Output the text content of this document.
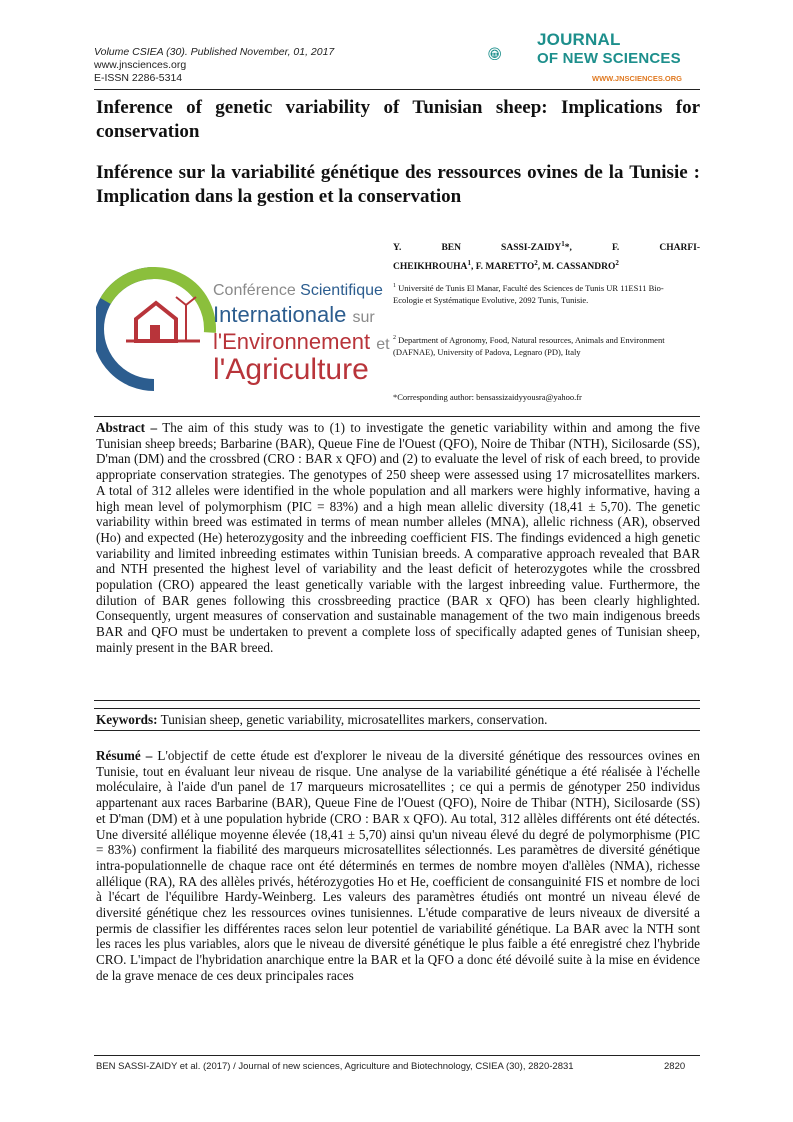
Volume CSIEA (30). Published November, 01, 2017
www.jnsciences.org
E-ISSN 2286-5314
JOURNAL
OF NEW SCIENCES
WWW.JNSCIENCES.ORG
Inference of genetic variability of Tunisian sheep: Implications for conservation
Inférence sur la variabilité génétique des ressources ovines de la Tunisie : Implication dans la gestion et la conservation
Conférence Scientifique
Internationale sur
l'Environnement et
l'Agriculture
Y. BEN SASSI-ZAIDY$^1$*, F. CHARFI-
CHEIKHROUHA$^1$, F. MARETTO$^2$, M. CASSANDRO$^2$
$^1$ Université de Tunis El Manar, Faculté des Sciences de Tunis UR 11ES11 Bio-Ecologie et Systématique Evolutive, 2092 Tunis, Tunisie.
$^2$ Department of Agronomy, Food, Natural resources, Animals and Environment (DAFNAE), University of Padova, Legnaro (PD), Italy
*Corresponding author: bensassizaidyyousra@yahoo.fr
Abstract – The aim of this study was to (1) to investigate the genetic variability within and among the five Tunisian sheep breeds; Barbarine (BAR), Queue Fine de l'Ouest (QFO), Noire de Thibar (NTH), Sicilosarde (SS), D'man (DM) and the crossbred (CRO : BAR x QFO) and (2) to evaluate the level of risk of each breed, to provide appropriate conservation strategies. The genotypes of 250 sheep were assessed using 17 microsatellites markers. A total of 312 alleles were identified in the whole population and all markers were highly informative, having a high mean level of polymorphism (PIC = 83%) and a high mean allelic diversity (18,41 ± 5,70). The genetic variability within breed was estimated in terms of mean number alleles (MNA), allelic richness (AR), observed (Ho) and expected (He) heterozygosity and the inbreeding coefficient FIS. The findings evidenced a high genetic variability and limited inbreeding estimates within Tunisian breeds. A comparative approach revealed that BAR and NTH presented the highest level of variability and the least deficit of heterozygotes while the crossbred population (CRO) appeared the least genetically variable with the largest inbreeding value. Furthermore, the dilution of BAR genes following this crossbreeding practice (BAR x QFO) has been clearly highlighted. Consequently, urgent measures of conservation and sustainable management of the two main indigenous breeds BAR and QFO must be undertaken to prevent a complete loss of specifically adapted genes of Tunisian sheep, mainly present in the BAR breed.
Keywords: Tunisian sheep, genetic variability, microsatellites markers, conservation.
Résumé – L'objectif de cette étude est d'explorer le niveau de la diversité génétique des ressources ovines en Tunisie, tout en évaluant leur niveau de risque. Une analyse de la variabilité génétique a été réalisée à l'échelle moléculaire, à l'aide d'un panel de 17 marqueurs microsatellites ; ce qui a permis de génotyper 250 individus appartenant aux races Barbarine (BAR), Queue Fine de l'Ouest (QFO), Noire de Thibar (NTH), Sicilosarde (SS) et D'man (DM) et à une population hybride (CRO : BAR x QFO). Au total, 312 allèles différents ont été détectés. Une diversité allélique moyenne élevée (18,41 ± 5,70) ainsi qu'un niveau élevé du degré de polymorphisme (PIC = 83%) confirment la fiabilité des marqueurs microsatellites sélectionnés. Les paramètres de diversité génétique intra-populationnelle de chaque race ont été déterminés en termes de nombre moyen d'allèles (NMA), richesse allélique (RA), RA des allèles privés, hétérozygoties Ho et He, coefficient de consanguinité FIS et nombre de loci à l'écart de l'équilibre Hardy-Weinberg. Les valeurs des paramètres étudiés ont montré un niveau élevé de diversité génétique chez les ressources ovines tunisiennes. L'étude comparative de leurs niveaux de diversité a permis de classifier les différentes races selon leur potentiel de variabilité génétique. La BAR avec la NTH sont les races les plus variables, alors que le niveau de diversité génétique le plus faible a été enregistré chez l'hybride CRO. L'impact de l'hybridation anarchique entre la BAR et la QFO a donc été dévoilé suite à la mise en évidence de la grave menace de ces deux principales races
BEN SASSI-ZAIDY et al. (2017) / Journal of new sciences, Agriculture and Biotechnology, CSIEA (30), 2820-2831	2820
